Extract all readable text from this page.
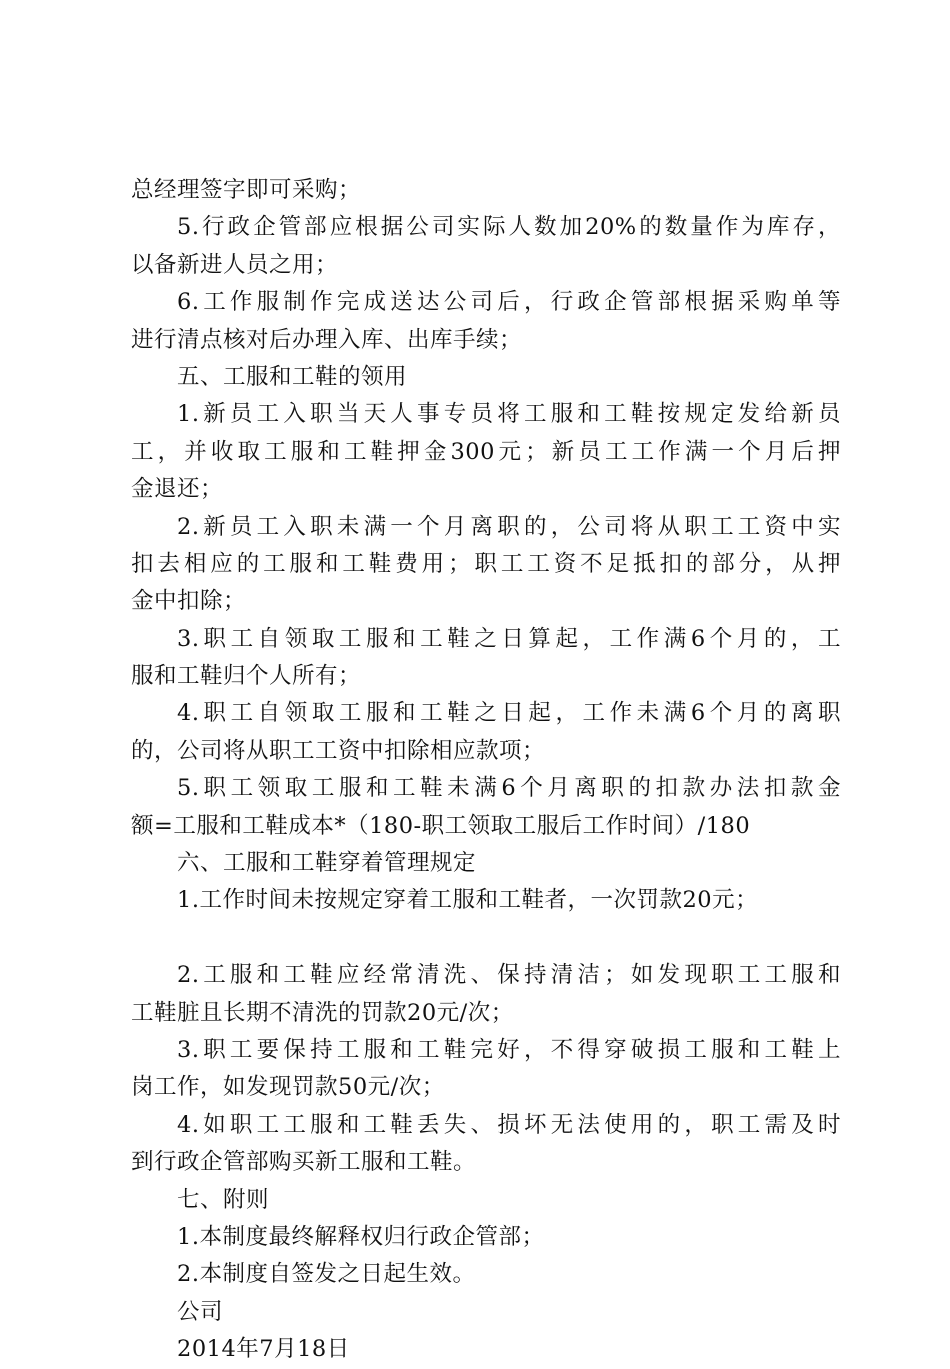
总经理签字即可采购；
5.行政企管部应根据公司实际人数加20%的数量作为库存，
以备新进人员之用；
6.工作服制作完成送达公司后，行政企管部根据采购单等
进行清点核对后办理入库、出库手续；
五、工服和工鞋的领用
1.新员工入职当天人事专员将工服和工鞋按规定发给新员
工，并收取工服和工鞋押金300元；新员工工作满一个月后押
金退还；
2.新员工入职未满一个月离职的，公司将从职工工资中实
扣去相应的工服和工鞋费用；职工工资不足抵扣的部分，从押
金中扣除；
3.职工自领取工服和工鞋之日算起，工作满6个月的，工
服和工鞋归个人所有；
4.职工自领取工服和工鞋之日起，工作未满6个月的离职
的，公司将从职工工资中扣除相应款项；
5.职工领取工服和工鞋未满6个月离职的扣款办法扣款金
额=工服和工鞋成本*（180-职工领取工服后工作时间）/180
六、工服和工鞋穿着管理规定
1.工作时间未按规定穿着工服和工鞋者，一次罚款20元；
2.工服和工鞋应经常清洗、保持清洁；如发现职工工服和
工鞋脏且长期不清洗的罚款20元/次；
3.职工要保持工服和工鞋完好，不得穿破损工服和工鞋上
岗工作，如发现罚款50元/次；
4.如职工工服和工鞋丢失、损坏无法使用的，职工需及时
到行政企管部购买新工服和工鞋。
七、附则
1.本制度最终解释权归行政企管部；
2.本制度自签发之日起生效。
公司
2014年7月18日
